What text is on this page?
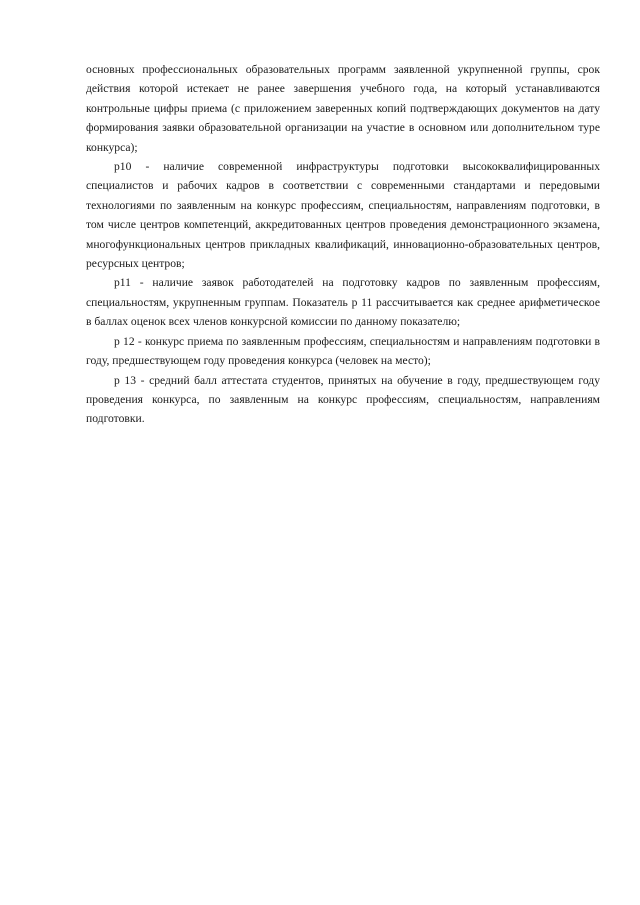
основных профессиональных образовательных программ заявленной укрупненной группы, срок действия которой истекает не ранее завершения учебного года, на который устанавливаются контрольные цифры приема (с приложением заверенных копий подтверждающих документов на дату формирования заявки образовательной организации на участие в основном или дополнительном туре конкурса);

p10 - наличие современной инфраструктуры подготовки высококвалифицированных специалистов и рабочих кадров в соответствии с современными стандартами и передовыми технологиями по заявленным на конкурс профессиям, специальностям, направлениям подготовки, в том числе центров компетенций, аккредитованных центров проведения демонстрационного экзамена, многофункциональных центров прикладных квалификаций, инновационно-образовательных центров, ресурсных центров;

p11 - наличие заявок работодателей на подготовку кадров по заявленным профессиям, специальностям, укрупненным группам. Показатель p 11 рассчитывается как среднее арифметическое в баллах оценок всех членов конкурсной комиссии по данному показателю;

p 12 - конкурс приема по заявленным профессиям, специальностям и направлениям подготовки в году, предшествующем году проведения конкурса (человек на место);

p 13 - средний балл аттестата студентов, принятых на обучение в году, предшествующем году проведения конкурса, по заявленным на конкурс профессиям, специальностям, направлениям подготовки.
